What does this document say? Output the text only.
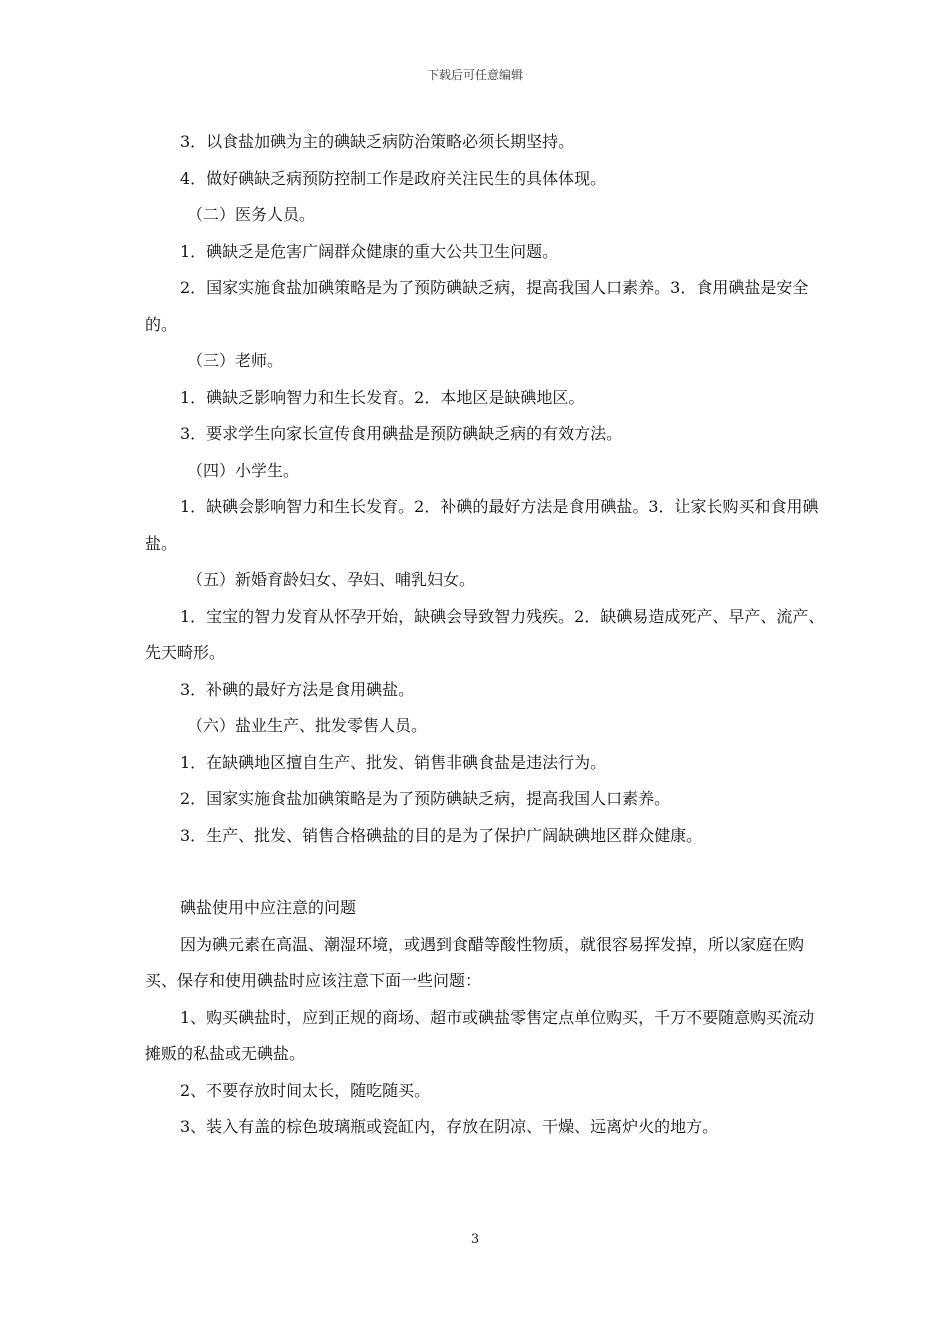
下载后可任意编辑

3．以食盐加碘为主的碘缺乏病防治策略必须长期坚持。

4．做好碘缺乏病预防控制工作是政府关注民生的具体体现。

（二）医务人员。

1．碘缺乏是危害广阔群众健康的重大公共卫生问题。

2．国家实施食盐加碘策略是为了预防碘缺乏病，提高我国人口素养。3．食用碘盐是安全的。

（三）老师。

1．碘缺乏影响智力和生长发育。2．本地区是缺碘地区。

3．要求学生向家长宣传食用碘盐是预防碘缺乏病的有效方法。

（四）小学生。

1．缺碘会影响智力和生长发育。2．补碘的最好方法是食用碘盐。3．让家长购买和食用碘盐。

（五）新婚育龄妇女、孕妇、哺乳妇女。

1．宝宝的智力发育从怀孕开始，缺碘会导致智力残疾。2．缺碘易造成死产、早产、流产、先天畸形。

3．补碘的最好方法是食用碘盐。

（六）盐业生产、批发零售人员。

1．在缺碘地区擅自生产、批发、销售非碘食盐是违法行为。

2．国家实施食盐加碘策略是为了预防碘缺乏病，提高我国人口素养。

3．生产、批发、销售合格碘盐的目的是为了保护广阔缺碘地区群众健康。

碘盐使用中应注意的问题

因为碘元素在高温、潮湿环境，或遇到食醋等酸性物质，就很容易挥发掉，所以家庭在购买、保存和使用碘盐时应该注意下面一些问题：

1、购买碘盐时，应到正规的商场、超市或碘盐零售定点单位购买，千万不要随意购买流动摊贩的私盐或无碘盐。

2、不要存放时间太长，随吃随买。

3、装入有盖的棕色玻璃瓶或瓷缸内，存放在阴凉、干燥、远离炉火的地方。

3
